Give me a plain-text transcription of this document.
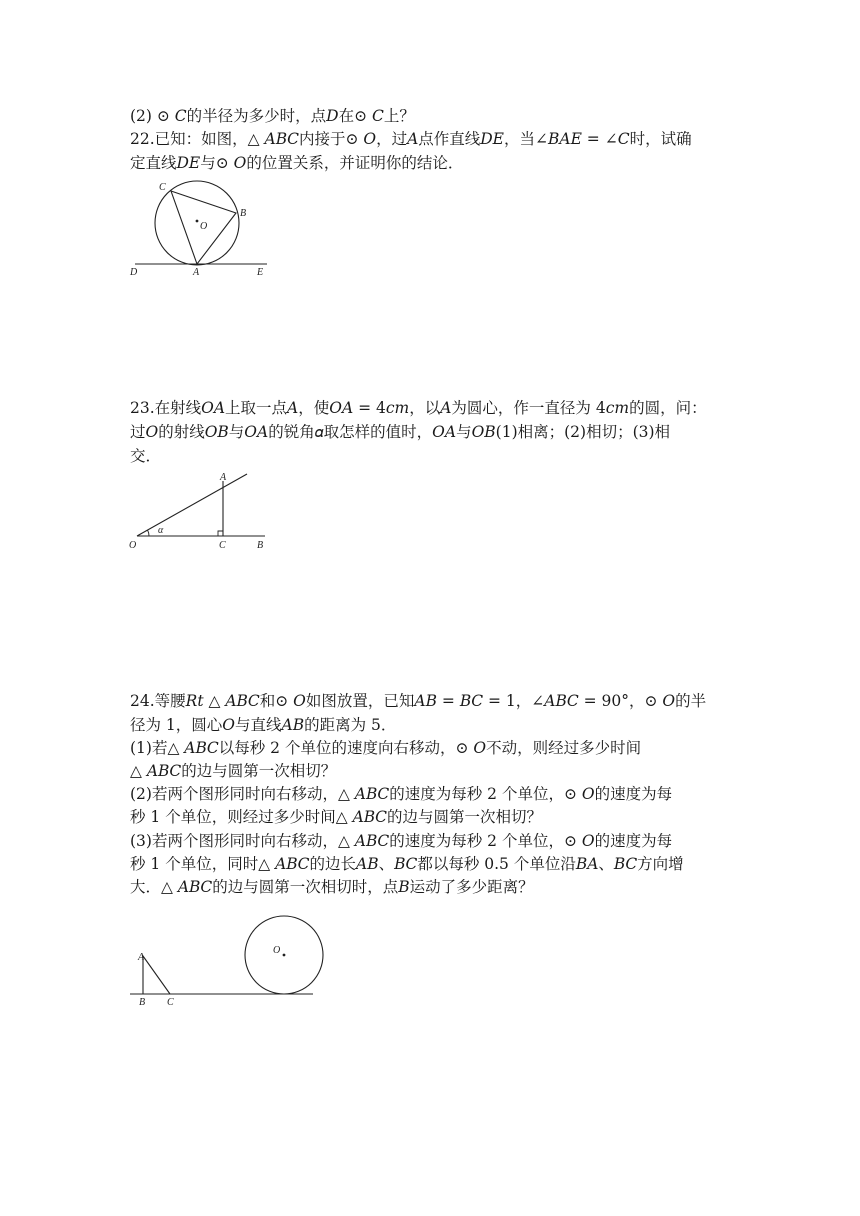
(2) ⊙ 𝐶的半径为多少时，点𝐷在⊙ 𝐶上？
22.已知：如图，△ 𝐴𝐵𝐶内接于⊙ 𝑂，过𝐴点作直线𝐷𝐸，当∠𝐵𝐴𝐸 = ∠𝐶时，试确
定直线𝐷𝐸与⊙ 𝑂的位置关系，并证明你的结论．
C
B
O
D	A	E
23.在射线𝑂𝐴上取一点𝐴，使𝑂𝐴 = 4𝑐𝑚，以𝐴为圆心，作一直径为 4𝑐𝑚的圆，问：
过𝑂的射线𝑂𝐵与𝑂𝐴的锐角𝛼取怎样的值时，𝑂𝐴与𝑂𝐵(1)相离；(2)相切；(3)相
交．
A
α
O	C	B
24.等腰𝑅𝑡 △ 𝐴𝐵𝐶和⊙ 𝑂如图放置，已知𝐴𝐵 = 𝐵𝐶 = 1，∠𝐴𝐵𝐶 = 90°，⊙ 𝑂的半
径为 1，圆心𝑂与直线𝐴𝐵的距离为 5．
(1)若△ 𝐴𝐵𝐶以每秒 2 个单位的速度向右移动，⊙ 𝑂不动，则经过多少时间
△ 𝐴𝐵𝐶的边与圆第一次相切？
(2)若两个图形同时向右移动，△ 𝐴𝐵𝐶的速度为每秒 2 个单位，⊙ 𝑂的速度为每
秒 1 个单位，则经过多少时间△ 𝐴𝐵𝐶的边与圆第一次相切？
(3)若两个图形同时向右移动，△ 𝐴𝐵𝐶的速度为每秒 2 个单位，⊙ 𝑂的速度为每
秒 1 个单位，同时△ 𝐴𝐵𝐶的边长𝐴𝐵、𝐵𝐶都以每秒 0.5 个单位沿𝐵𝐴、𝐵𝐶方向增
大．△ 𝐴𝐵𝐶的边与圆第一次相切时，点𝐵运动了多少距离？
O
A
B C
